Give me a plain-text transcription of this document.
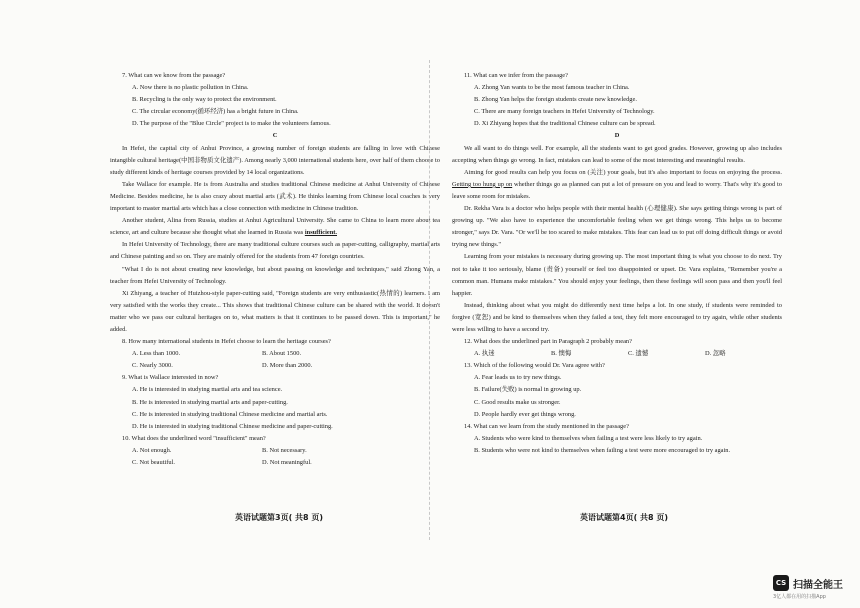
7. What can we know from the passage?

A. Now there is no plastic pollution in China.

B. Recycling is the only way to protect the environment.

C. The circular economy(循环经济) has a bright future in China.

D. The purpose of the "Blue Circle" project is to make the volunteers famous.

C

In Hefei, the capital city of Anhui Province, a growing number of foreign students are falling in love with Chinese intangible cultural heritage(中国非物质文化遗产). Among nearly 3,000 international students here, over half of them choose to study different kinds of heritage courses provided by 14 local organizations.

Take Wallace for example. He is from Australia and studies traditional Chinese medicine at Anhui University of Chinese Medicine. Besides medicine, he is also crazy about martial arts (武术). He thinks learning from Chinese local coaches is very important to master martial arts which has a close connection with medicine in Chinese tradition.

Another student, Alina from Russia, studies at Anhui Agricultural University. She came to China to learn more about tea science, art and culture because she thought what she learned in Russia was insufficient.

In Hefei University of Technology, there are many traditional culture courses such as paper-cutting, calligraphy, martial arts and Chinese painting and so on. They are mainly offered for the students from 47 foreign countries.

"What I do is not about creating new knowledge, but about passing on knowledge and techniques," said Zhong Yan, a teacher from Hefei University of Technology.

Xi Zhiyang, a teacher of Huizhou-style paper-cutting said, "Foreign students are very enthusiastic(热情的) learners. I am very satisfied with the works they create... This shows that traditional Chinese culture can be shared with the world. It doesn't matter who we pass our cultural heritages on to, what matters is that it continues to be passed down. This is important," he added.

8. How many international students in Hefei choose to learn the heritage courses?

A. Less than 1000.	B. About 1500.
C. Nearly 3000.	D. More than 2000.

9. What is Wallace interested in now?

A. He is interested in studying martial arts and tea science.

B. He is interested in studying martial arts and paper-cutting.

C. He is interested in studying traditional Chinese medicine and martial arts.

D. He is interested in studying traditional Chinese medicine and paper-cutting.

10. What does the underlined word "insufficient" mean?

A. Not enough.	B. Not necessary.
C. Not beautiful.	D. Not meaningful.

11. What can we infer from the passage?

A. Zhong Yan wants to be the most famous teacher in China.

B. Zhong Yan helps the foreign students create new knowledge.

C. There are many foreign teachers in Hefei University of Technology.

D. Xi Zhiyang hopes that the traditional Chinese culture can be spread.

D

We all want to do things well. For example, all the students want to get good grades. However, growing up also includes accepting when things go wrong. In fact, mistakes can lead to some of the most interesting and meaningful results.

Aiming for good results can help you focus on (关注) your goals, but it's also important to focus on enjoying the process. Getting too hung up on whether things go as planned can put a lot of pressure on you and lead to worry. That's why it's good to leave some room for mistakes.

Dr. Rekha Vara is a doctor who helps people with their mental health (心理健康). She says getting things wrong is part of growing up. "We also have to experience the uncomfortable feeling when we get things wrong. This helps us to become stronger," says Dr. Vara. "Or we'll be too scared to make mistakes. This fear can lead us to put off doing difficult things or avoid trying new things."

Learning from your mistakes is necessary during growing up. The most important thing is what you choose to do next. Try not to take it too seriously, blame (责备) yourself or feel too disappointed or upset. Dr. Vara explains, "Remember you're a common man. Humans make mistakes." You should enjoy your feelings, then these feelings will soon pass and then you'll feel happier.

Instead, thinking about what you might do differently next time helps a lot. In one study, if students were reminded to forgive (宽恕) and be kind to themselves when they failed a test, they felt more encouraged to try again, while other students were less willing to have a second try.

12. What does the underlined part in Paragraph 2 probably mean?

A. 执迷	B. 懊悔	C. 遗憾	D. 忽略

13. Which of the following would Dr. Vara agree with?

A. Fear leads us to try new things.

B. Failure(失败) is normal in growing up.

C. Good results make us stronger.

D. People hardly ever get things wrong.

14. What can we learn from the study mentioned in the passage?

A. Students who were kind to themselves when failing a test were less likely to try again.

B. Students who were not kind to themselves when failing a test were more encouraged to try again.

英语试题第3页( 共8 页)	英语试题第4页( 共8 页)
CS 扫描全能王
3亿人都在用的扫描App
